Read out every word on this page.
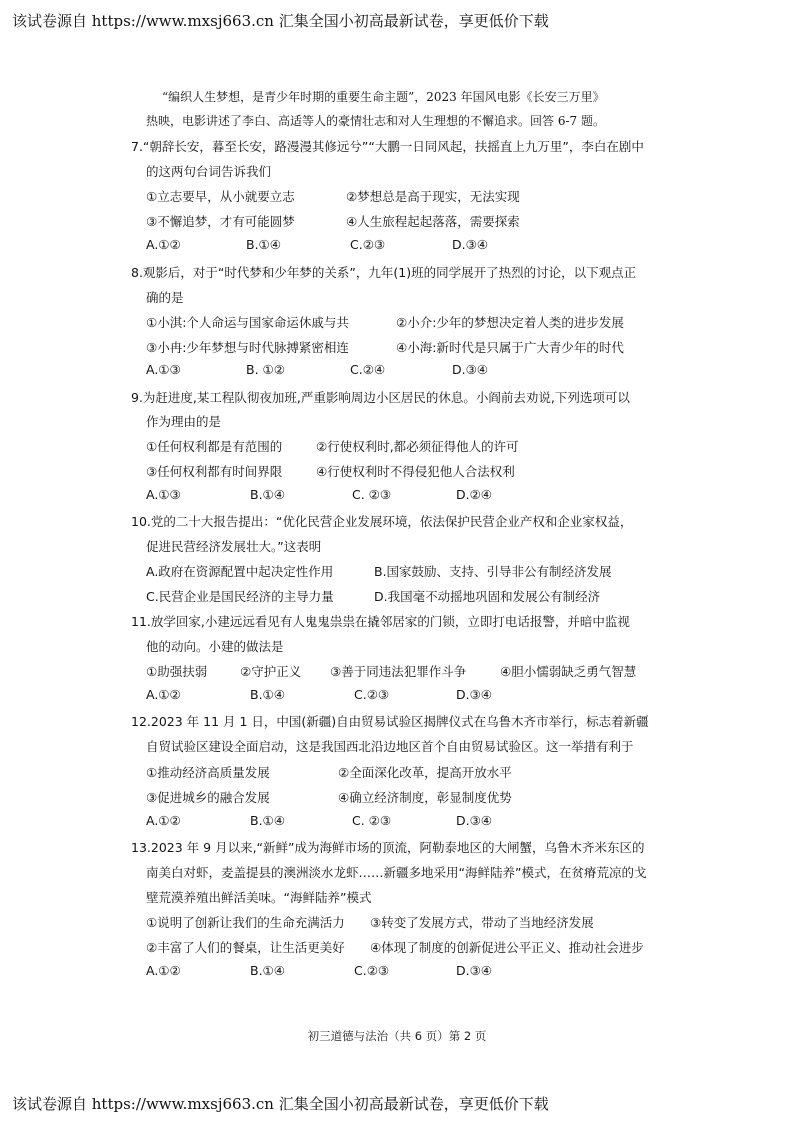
该试卷源自 https://www.mxsj663.cn 汇集全国小初高最新试卷，享更低价下载
“编织人生梦想，是青少年时期的重要生命主题”，2023 年国风电影《长安三万里》
热映，电影讲述了李白、高适等人的豪情壮志和对人生理想的不懈追求。回答 6-7 题。
7.“朝辞长安，暮至长安，路漫漫其修远兮”“大鹏一日同风起，扶摇直上九万里”，李白在剧中
的这两句台词告诉我们
①立志要早，从小就要立志	②梦想总是高于现实，无法实现
③不懈追梦，才有可能圆梦	④人生旅程起起落落，需要探索
A.①②	B.①④	C.②③	D.③④
8.观影后，对于“时代梦和少年梦的关系”，九年(1)班的同学展开了热烈的讨论，以下观点正
确的是
①小淇:个人命运与国家命运休戚与共	②小介:少年的梦想决定着人类的进步发展
③小冉:少年梦想与时代脉搏紧密相连	④小海:新时代是只属于广大青少年的时代
A.①③	B. ①②	C.②④	D.③④
9.为赶进度,某工程队彻夜加班,严重影响周边小区居民的休息。小阎前去劝说,下列选项可以
作为理由的是
①任何权利都是有范围的	②行使权利时,都必须征得他人的许可
③任何权利都有时间界限	④行使权利时不得侵犯他人合法权利
A.①③	B.①④	C. ②③	D.②④
10.党的二十大报告提出：“优化民营企业发展环境，依法保护民营企业产权和企业家权益，
促进民营经济发展壮大。”这表明
A.政府在资源配置中起决定性作用	B.国家鼓励、支持、引导非公有制经济发展
C.民营企业是国民经济的主导力量	D.我国毫不动摇地巩固和发展公有制经济
11.放学回家,小建远远看见有人鬼鬼祟祟在撬邻居家的门锁，立即打电话报警，并暗中监视
他的动向。小建的做法是
①助强扶弱	②守护正义 ③善于同违法犯罪作斗争	④胆小懦弱缺乏勇气智慧
A.①②	B.①④	C.②③	D.③④
12.2023 年 11 月 1 日，中国(新疆)自由贸易试验区揭牌仪式在乌鲁木齐市举行，标志着新疆
自贸试验区建设全面启动，这是我国西北沿边地区首个自由贸易试验区。这一举措有利于
①推动经济高质量发展	②全面深化改革，提高开放水平
③促进城乡的融合发展	④确立经济制度，彰显制度优势
A.①②	B.①④	C. ②③	D.③④
13.2023 年 9 月以来,“新鲜”成为海鲜市场的顶流，阿勒泰地区的大闸蟹，乌鲁木齐米东区的
南美白对虾，麦盖提县的澳洲淡水龙虾……新疆多地采用“海鲜陆养”模式，在贫瘠荒凉的戈
壁荒漠养殖出鲜活美味。“海鲜陆养”模式
①说明了创新让我们的生命充满活力 ③转变了发展方式，带动了当地经济发展
②丰富了人们的餐桌，让生活更美好 ④体现了制度的创新促进公平正义、推动社会进步
A.①②	B.①④	C.②③	D.③④
初三道德与法治（共 6 页）第 2 页
该试卷源自 https://www.mxsj663.cn 汇集全国小初高最新试卷，享更低价下载
